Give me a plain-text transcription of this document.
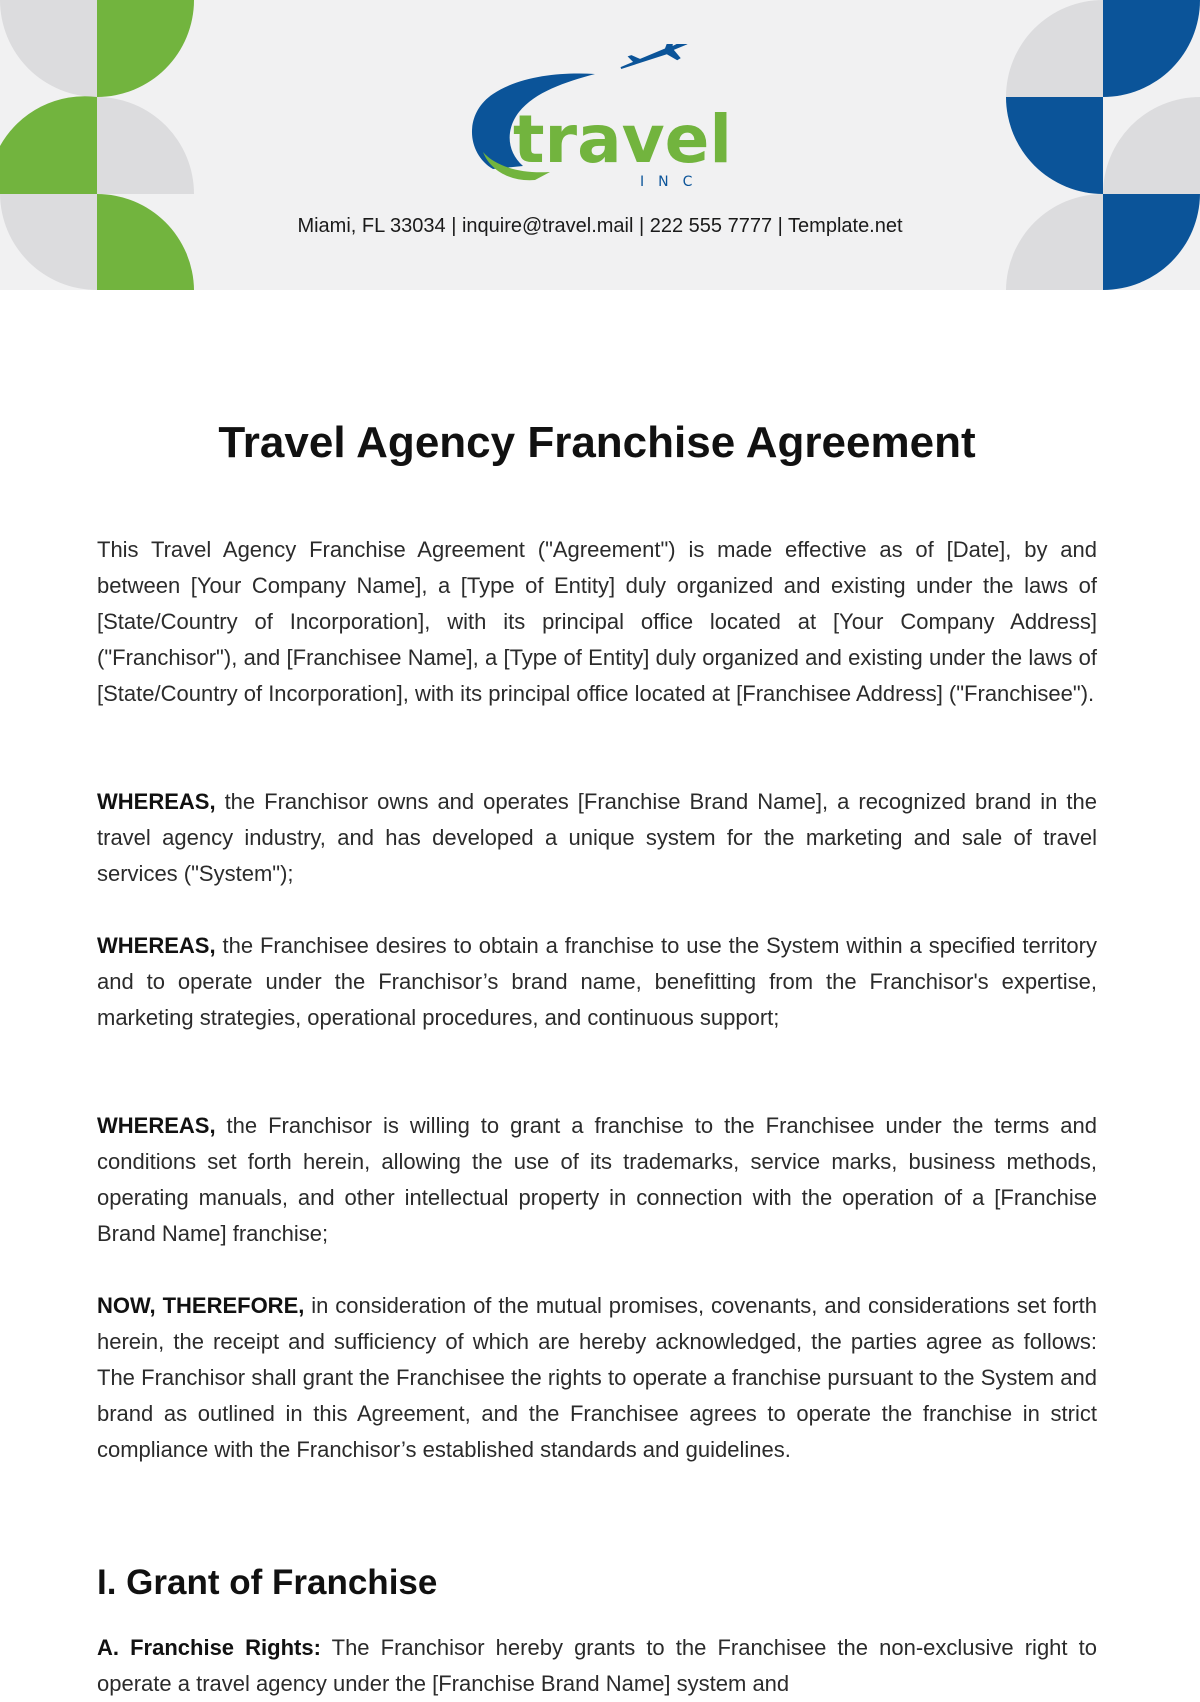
travel
INC
Miami, FL 33034 | inquire@travel.mail | 222 555 7777 | Template.net
Travel Agency Franchise Agreement

This Travel Agency Franchise Agreement ("Agreement") is made effective as of [Date], by and between [Your Company Name], a [Type of Entity] duly organized and existing under the laws of [State/Country of Incorporation], with its principal office located at [Your Company Address] ("Franchisor"), and [Franchisee Name], a [Type of Entity] duly organized and existing under the laws of [State/Country of Incorporation], with its principal office located at [Franchisee Address] ("Franchisee").

WHEREAS, the Franchisor owns and operates [Franchise Brand Name], a recognized brand in the travel agency industry, and has developed a unique system for the marketing and sale of travel services ("System");

WHEREAS, the Franchisee desires to obtain a franchise to use the System within a specified territory and to operate under the Franchisor’s brand name, benefitting from the Franchisor's expertise, marketing strategies, operational procedures, and continuous support;

WHEREAS, the Franchisor is willing to grant a franchise to the Franchisee under the terms and conditions set forth herein, allowing the use of its trademarks, service marks, business methods, operating manuals, and other intellectual property in connection with the operation of a [Franchise Brand Name] franchise;

NOW, THEREFORE, in consideration of the mutual promises, covenants, and considerations set forth herein, the receipt and sufficiency of which are hereby acknowledged, the parties agree as follows: The Franchisor shall grant the Franchisee the rights to operate a franchise pursuant to the System and brand as outlined in this Agreement, and the Franchisee agrees to operate the franchise in strict compliance with the Franchisor’s established standards and guidelines.

I. Grant of Franchise

A. Franchise Rights: The Franchisor hereby grants to the Franchisee the non-exclusive right to operate a travel agency under the [Franchise Brand Name] system and
